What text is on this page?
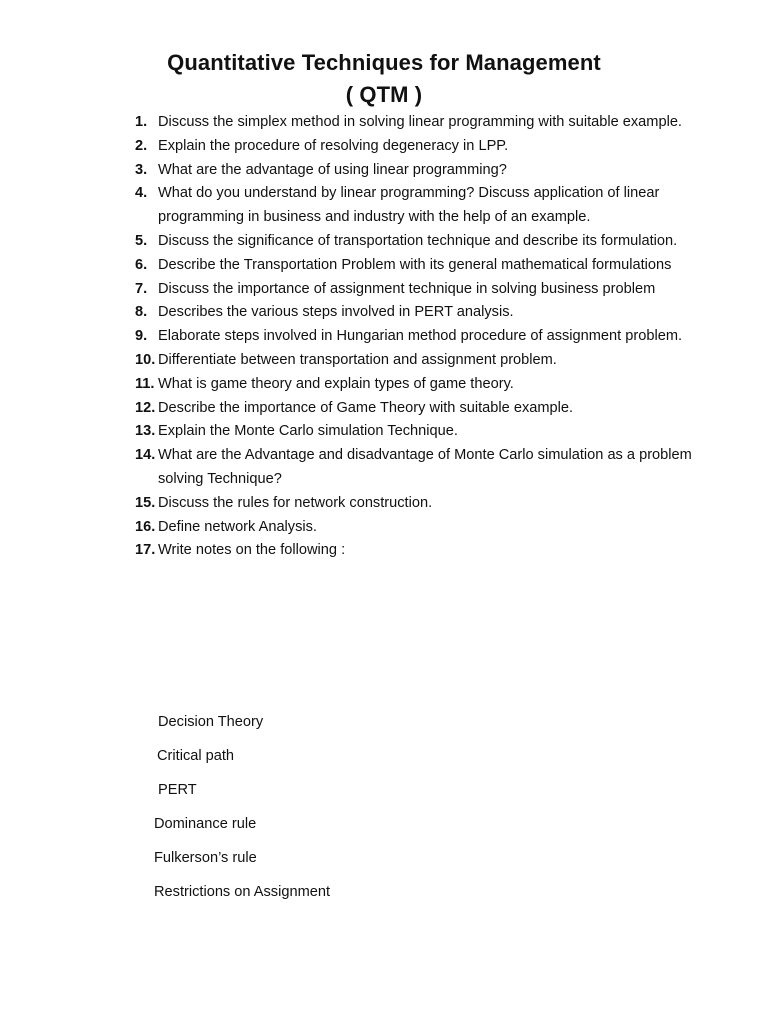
Quantitative Techniques for Management
( QTM )
1. Discuss the simplex method in solving linear programming with suitable example.
2. Explain the procedure of resolving degeneracy in LPP.
3. What are the advantage of using linear programming?
4. What do you understand by linear programming? Discuss application of linear programming in business and industry with the help of an example.
5. Discuss the significance of transportation technique and describe its formulation.
6. Describe the Transportation Problem with its general mathematical formulations
7. Discuss the importance of assignment technique in solving business problem
8. Describes the various steps involved in PERT analysis.
9. Elaborate steps involved in Hungarian method procedure of assignment problem.
10. Differentiate between transportation and assignment problem.
11. What is game theory and explain types of game theory.
12. Describe the importance of Game Theory with suitable example.
13. Explain the Monte Carlo simulation Technique.
14. What are the Advantage and disadvantage of Monte Carlo simulation as a problem solving Technique?
15. Discuss the rules for network construction.
16. Define network Analysis.
17. Write notes on the following :
Decision Theory
Critical path
PERT
Dominance rule
Fulkerson’s rule
Restrictions on Assignment
